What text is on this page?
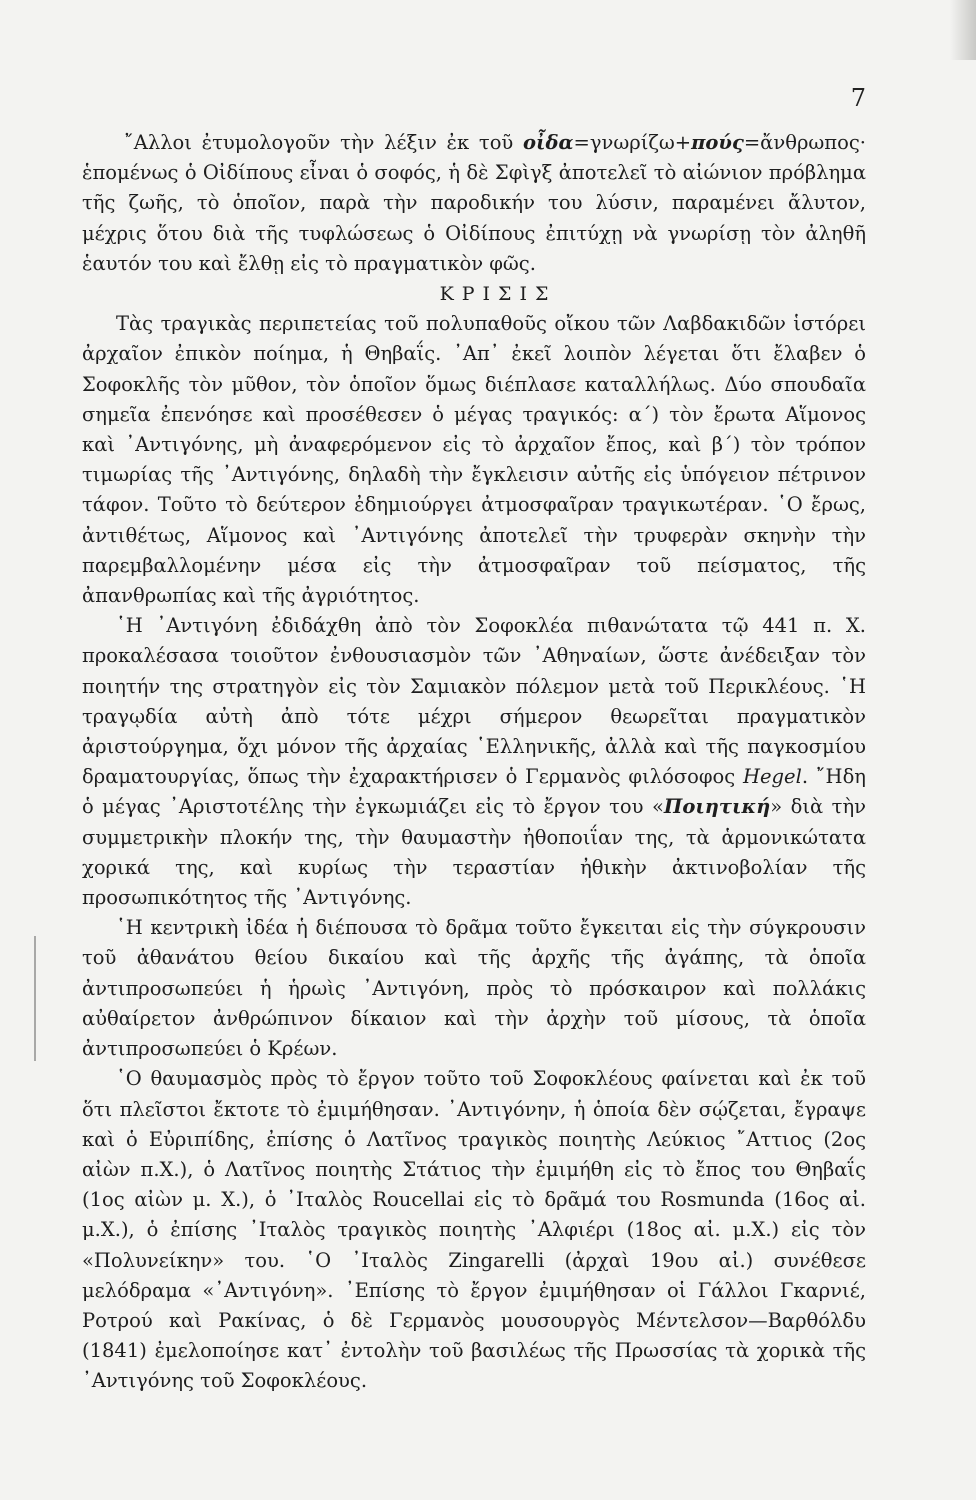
7

῎Αλλοι ἐτυμολογοῦν τὴν λέξιν ἐκ τοῦ οἶδα=γνωρίζω+πούς=ἄνθρωπος· ἑπομένως ὁ Οἰδίπους εἶναι ὁ σοφός, ἡ δὲ Σφὶγξ ἀποτελεῖ τὸ αἰώνιον πρόβλημα τῆς ζωῆς, τὸ ὁποῖον, παρὰ τὴν παροδικήν του λύσιν, παραμένει ἄλυτον, μέχρις ὅτου διὰ τῆς τυφλώσεως ὁ Οἰδίπους ἐπιτύχῃ νὰ γνωρίσῃ τὸν ἀληθῆ ἑαυτόν του καὶ ἔλθῃ εἰς τὸ πραγματικὸν φῶς.

ΚΡΙΣΙΣ

Τὰς τραγικὰς περιπετείας τοῦ πολυπαθοῦς οἴκου τῶν Λαβδακιδῶν ἱστόρει ἀρχαῖον ἐπικὸν ποίημα, ἡ Θηβαΐς. ᾿Απ᾿ ἐκεῖ λοιπὸν λέγεται ὅτι ἔλαβεν ὁ Σοφοκλῆς τὸν μῦθον, τὸν ὁποῖον ὅμως διέπλασε καταλλήλως. Δύο σπουδαῖα σημεῖα ἐπενόησε καὶ προσέθεσεν ὁ μέγας τραγικός: α´) τὸν ἔρωτα Αἵμονος καὶ ᾿Αντιγόνης, μὴ ἀναφερόμενον εἰς τὸ ἀρχαῖον ἔπος, καὶ β´) τὸν τρόπον τιμωρίας τῆς ᾿Αντιγόνης, δηλαδὴ τὴν ἔγκλεισιν αὐτῆς εἰς ὑπόγειον πέτρινον τάφον. Τοῦτο τὸ δεύτερον ἐδημιούργει ἀτμοσφαῖραν τραγικωτέραν. ῾Ο ἔρως, ἀντιθέτως, Αἵμονος καὶ ᾿Αντιγόνης ἀποτελεῖ τὴν τρυφερὰν σκηνὴν τὴν παρεμβαλλομένην μέσα εἰς τὴν ἀτμοσφαῖραν τοῦ πείσματος, τῆς ἀπανθρωπίας καὶ τῆς ἀγριότητος.

῾Η ᾿Αντιγόνη ἐδιδάχθη ἀπὸ τὸν Σοφοκλέα πιθανώτατα τῷ 441 π. Χ. προκαλέσασα τοιοῦτον ἐνθουσιασμὸν τῶν ᾿Αθηναίων, ὥστε ἀνέδειξαν τὸν ποιητήν της στρατηγὸν εἰς τὸν Σαμιακὸν πόλεμον μετὰ τοῦ Περικλέους. ῾Η τραγῳδία αὐτὴ ἀπὸ τότε μέχρι σήμερον θεωρεῖται πραγματικὸν ἀριστούργημα, ὄχι μόνον τῆς ἀρχαίας ῾Ελληνικῆς, ἀλλὰ καὶ τῆς παγκοσμίου δραματουργίας, ὅπως τὴν ἐχαρακτήρισεν ὁ Γερμανὸς φιλόσοφος Hegel. ῎Ηδη ὁ μέγας ᾿Αριστοτέλης τὴν ἐγκωμιάζει εἰς τὸ ἔργον του «Ποιητική» διὰ τὴν συμμετρικὴν πλοκήν της, τὴν θαυμαστὴν ἠθοποιΐαν της, τὰ ἁρμονικώτατα χορικά της, καὶ κυρίως τὴν τεραστίαν ἠθικὴν ἀκτινοβολίαν τῆς προσωπικότητος τῆς ᾿Αντιγόνης.

῾Η κεντρικὴ ἰδέα ἡ διέπουσα τὸ δρᾶμα τοῦτο ἔγκειται εἰς τὴν σύγκρουσιν τοῦ ἀθανάτου θείου δικαίου καὶ τῆς ἀρχῆς τῆς ἀγάπης, τὰ ὁποῖα ἀντιπροσωπεύει ἡ ἡρωὶς ᾿Αντιγόνη, πρὸς τὸ πρόσκαιρον καὶ πολλάκις αὐθαίρετον ἀνθρώπινον δίκαιον καὶ τὴν ἀρχὴν τοῦ μίσους, τὰ ὁποῖα ἀντιπροσωπεύει ὁ Κρέων.

῾Ο θαυμασμὸς πρὸς τὸ ἔργον τοῦτο τοῦ Σοφοκλέους φαίνεται καὶ ἐκ τοῦ ὅτι πλεῖστοι ἔκτοτε τὸ ἐμιμήθησαν. ᾿Αντιγόνην, ἡ ὁποία δὲν σῴζεται, ἔγραψε καὶ ὁ Εὐριπίδης, ἐπίσης ὁ Λατῖνος τραγικὸς ποιητὴς Λεύκιος ῎Αττιος (2ος αἰὼν π.Χ.), ὁ Λατῖνος ποιητὴς Στάτιος τὴν ἐμιμήθη εἰς τὸ ἔπος του Θηβαΐς (1ος αἰὼν μ. Χ.), ὁ ᾿Ιταλὸς Roucellai εἰς τὸ δρᾶμά του Rosmunda (16ος αἰ. μ.Χ.), ὁ ἐπίσης ᾿Ιταλὸς τραγικὸς ποιητὴς ᾿Αλφιέρι (18ος αἰ. μ.Χ.) εἰς τὸν «Πολυνείκην» του. ῾Ο ᾿Ιταλὸς Zingarelli (ἀρχαὶ 19ου αἰ.) συνέθεσε μελόδραμα «᾿Αντιγόνη». ᾿Επίσης τὸ ἔργον ἐμιμήθησαν οἱ Γάλλοι Γκαρνιέ, Ροτρού καὶ Ρακίνας, ὁ δὲ Γερμανὸς μουσουργὸς Μέντελσον—Βαρθόλδυ (1841) ἐμελοποίησε κατ᾿ ἐντολὴν τοῦ βασιλέως τῆς Πρωσσίας τὰ χορικὰ τῆς ᾿Αντιγόνης τοῦ Σοφοκλέους.
